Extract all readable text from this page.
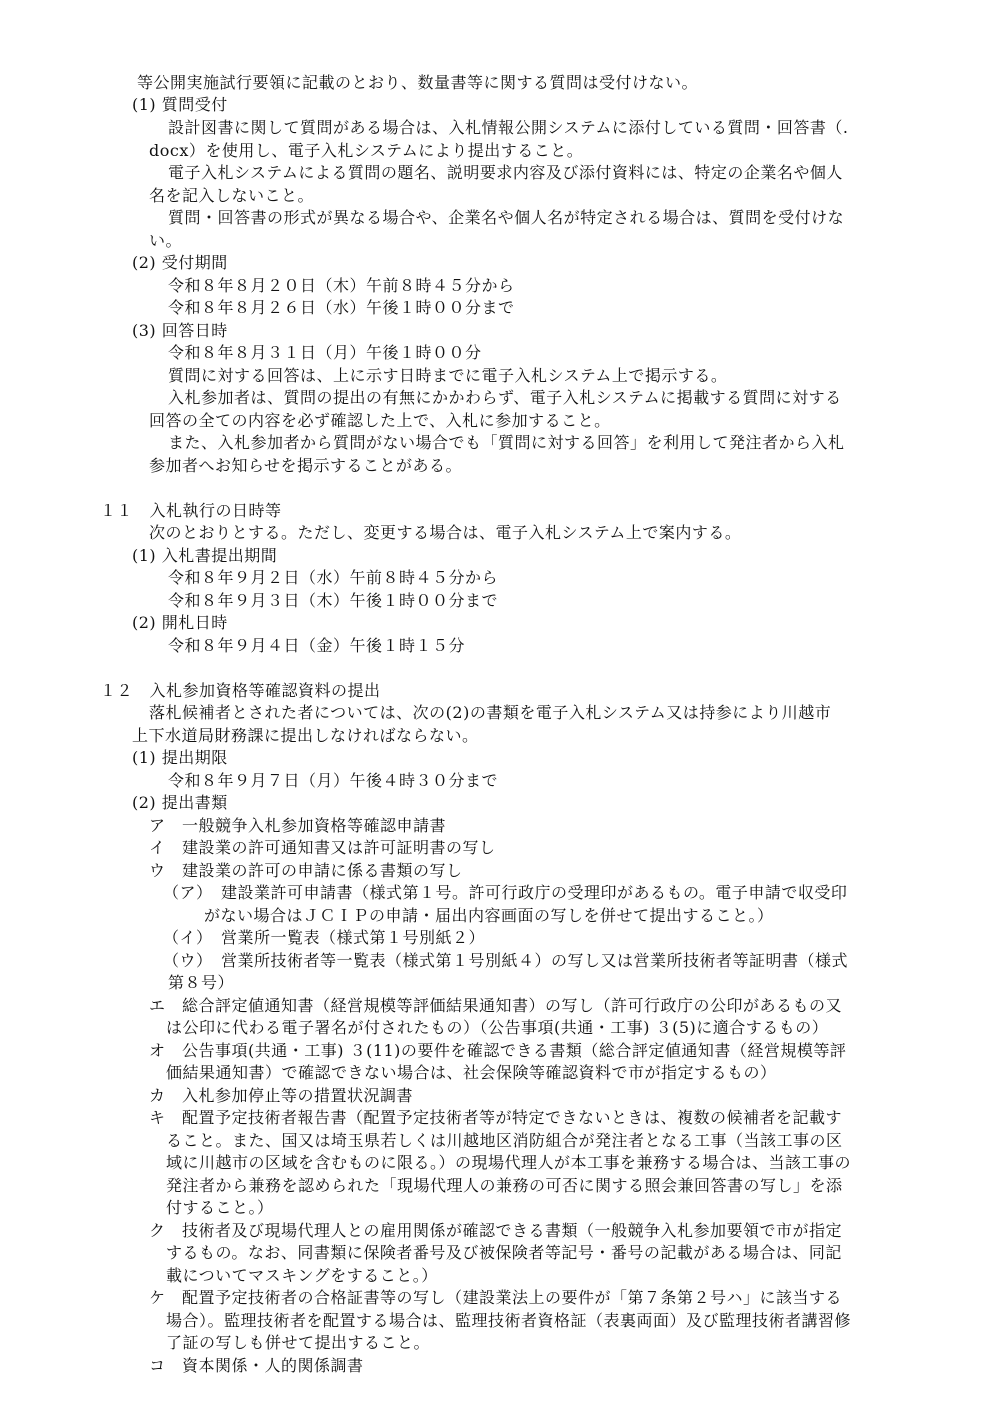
等公開実施試行要領に記載のとおり、数量書等に関する質問は受付けない。
(1) 質問受付
設計図書に関して質問がある場合は、入札情報公開システムに添付している質問・回答書（.
docx）を使用し、電子入札システムにより提出すること。
電子入札システムによる質問の題名、説明要求内容及び添付資料には、特定の企業名や個人
名を記入しないこと。
質問・回答書の形式が異なる場合や、企業名や個人名が特定される場合は、質問を受付けな
い。
(2) 受付期間
令和８年８月２０日（木）午前８時４５分から
令和８年８月２６日（水）午後１時００分まで
(3) 回答日時
令和８年８月３１日（月）午後１時００分
質問に対する回答は、上に示す日時までに電子入札システム上で掲示する。
入札参加者は、質問の提出の有無にかかわらず、電子入札システムに掲載する質問に対する
回答の全ての内容を必ず確認した上で、入札に参加すること。
また、入札参加者から質問がない場合でも「質問に対する回答」を利用して発注者から入札
参加者へお知らせを掲示することがある。
１１　入札執行の日時等
次のとおりとする。ただし、変更する場合は、電子入札システム上で案内する。
(1) 入札書提出期間
令和８年９月２日（水）午前８時４５分から
令和８年９月３日（木）午後１時００分まで
(2) 開札日時
令和８年９月４日（金）午後１時１５分
１２　入札参加資格等確認資料の提出
落札候補者とされた者については、次の(2)の書類を電子入札システム又は持参により川越市
上下水道局財務課に提出しなければならない。
(1) 提出期限
令和８年９月７日（月）午後４時３０分まで
(2) 提出書類
ア　一般競争入札参加資格等確認申請書
イ　建設業の許可通知書又は許可証明書の写し
ウ　建設業の許可の申請に係る書類の写し
（ア）　建設業許可申請書（様式第１号。許可行政庁の受理印があるもの。電子申請で収受印
がない場合はＪＣＩＰの申請・届出内容画面の写しを併せて提出すること。）
（イ）　営業所一覧表（様式第１号別紙２）
（ウ）　営業所技術者等一覧表（様式第１号別紙４）の写し又は営業所技術者等証明書（様式
第８号）
エ　総合評定値通知書（経営規模等評価結果通知書）の写し（許可行政庁の公印があるもの又
は公印に代わる電子署名が付されたもの）（公告事項(共通・工事) ３(5)に適合するもの）
オ　公告事項(共通・工事) ３(11)の要件を確認できる書類（総合評定値通知書（経営規模等評
価結果通知書）で確認できない場合は、社会保険等確認資料で市が指定するもの）
カ　入札参加停止等の措置状況調書
キ　配置予定技術者報告書（配置予定技術者等が特定できないときは、複数の候補者を記載す
ること。また、国又は埼玉県若しくは川越地区消防組合が発注者となる工事（当該工事の区
域に川越市の区域を含むものに限る。）の現場代理人が本工事を兼務する場合は、当該工事の
発注者から兼務を認められた「現場代理人の兼務の可否に関する照会兼回答書の写し」を添
付すること。）
ク　技術者及び現場代理人との雇用関係が確認できる書類（一般競争入札参加要領で市が指定
するもの。なお、同書類に保険者番号及び被保険者等記号・番号の記載がある場合は、同記
載についてマスキングをすること。）
ケ　配置予定技術者の合格証書等の写し（建設業法上の要件が「第７条第２号ハ」に該当する
場合）。監理技術者を配置する場合は、監理技術者資格証（表裏両面）及び監理技術者講習修
了証の写しも併せて提出すること。
コ　資本関係・人的関係調書
